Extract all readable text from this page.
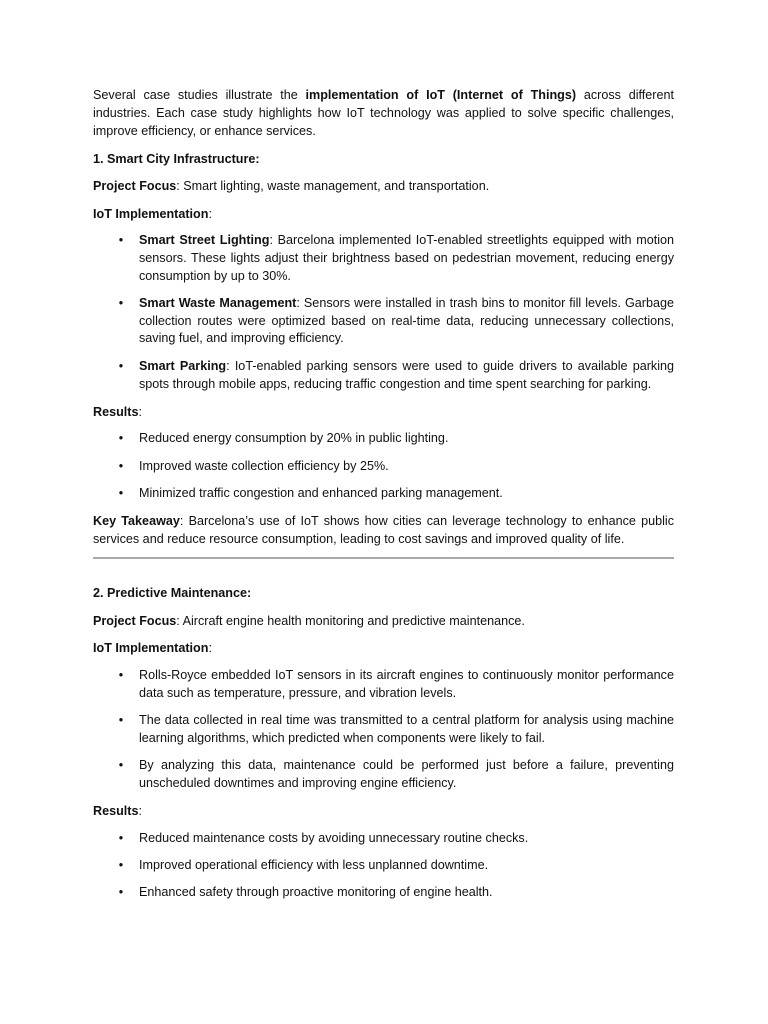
Several case studies illustrate the implementation of IoT (Internet of Things) across different industries. Each case study highlights how IoT technology was applied to solve specific challenges, improve efficiency, or enhance services.

1. Smart City Infrastructure:

Project Focus: Smart lighting, waste management, and transportation.

IoT Implementation:

• Smart Street Lighting: Barcelona implemented IoT-enabled streetlights equipped with motion sensors. These lights adjust their brightness based on pedestrian movement, reducing energy consumption by up to 30%.
• Smart Waste Management: Sensors were installed in trash bins to monitor fill levels. Garbage collection routes were optimized based on real-time data, reducing unnecessary collections, saving fuel, and improving efficiency.
• Smart Parking: IoT-enabled parking sensors were used to guide drivers to available parking spots through mobile apps, reducing traffic congestion and time spent searching for parking.

Results:

• Reduced energy consumption by 20% in public lighting.
• Improved waste collection efficiency by 25%.
• Minimized traffic congestion and enhanced parking management.

Key Takeaway: Barcelona’s use of IoT shows how cities can leverage technology to enhance public services and reduce resource consumption, leading to cost savings and improved quality of life.

2. Predictive Maintenance:

Project Focus: Aircraft engine health monitoring and predictive maintenance.

IoT Implementation:

• Rolls-Royce embedded IoT sensors in its aircraft engines to continuously monitor performance data such as temperature, pressure, and vibration levels.
• The data collected in real time was transmitted to a central platform for analysis using machine learning algorithms, which predicted when components were likely to fail.
• By analyzing this data, maintenance could be performed just before a failure, preventing unscheduled downtimes and improving engine efficiency.

Results:

• Reduced maintenance costs by avoiding unnecessary routine checks.
• Improved operational efficiency with less unplanned downtime.
• Enhanced safety through proactive monitoring of engine health.
